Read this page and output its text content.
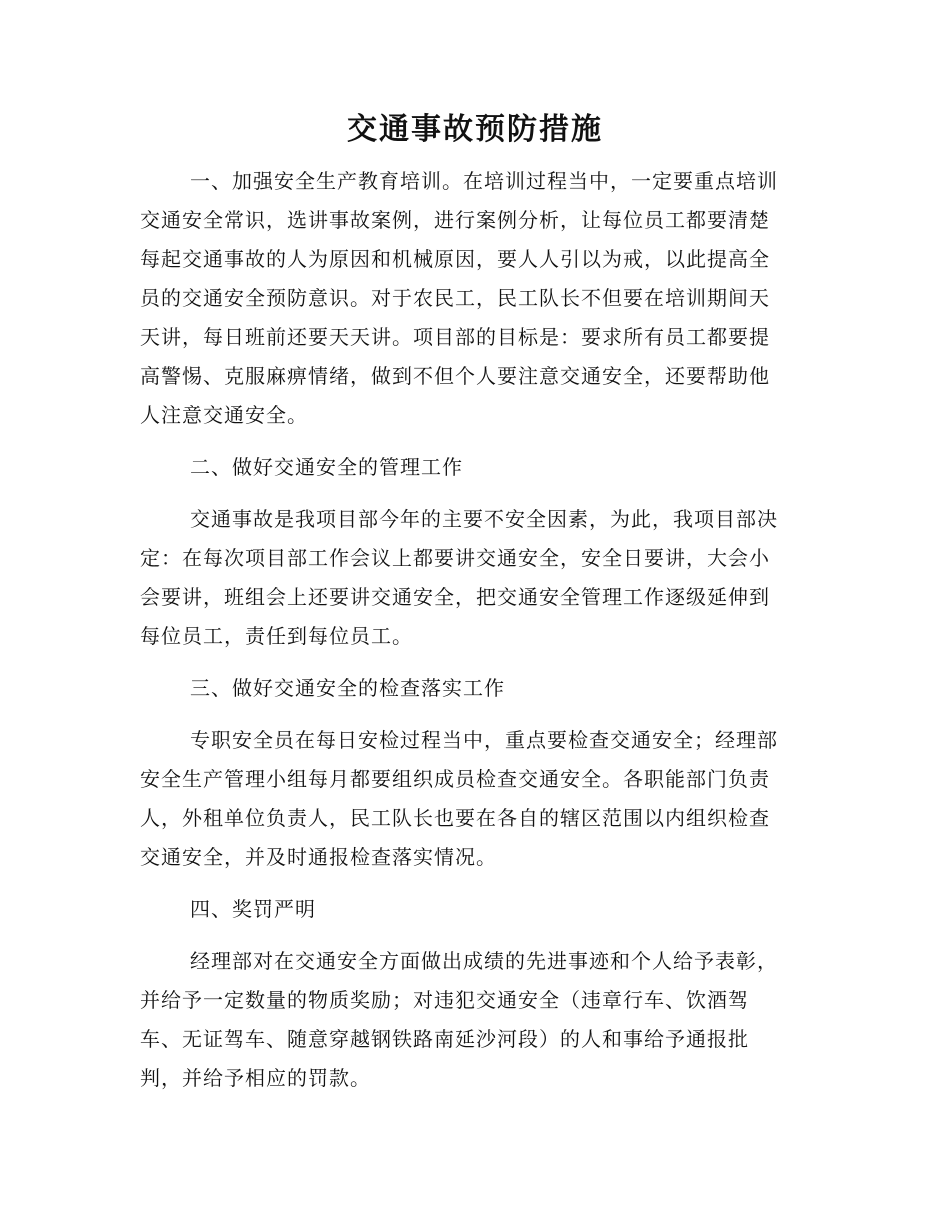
交通事故预防措施
一、加强安全生产教育培训。在培训过程当中，一定要重点培训
交通安全常识，选讲事故案例，进行案例分析，让每位员工都要清楚
每起交通事故的人为原因和机械原因，要人人引以为戒，以此提高全
员的交通安全预防意识。对于农民工，民工队长不但要在培训期间天
天讲，每日班前还要天天讲。项目部的目标是：要求所有员工都要提
高警惕、克服麻痹情绪，做到不但个人要注意交通安全，还要帮助他
人注意交通安全。
二、做好交通安全的管理工作
交通事故是我项目部今年的主要不安全因素，为此，我项目部决
定：在每次项目部工作会议上都要讲交通安全，安全日要讲，大会小
会要讲，班组会上还要讲交通安全，把交通安全管理工作逐级延伸到
每位员工，责任到每位员工。
三、做好交通安全的检查落实工作
专职安全员在每日安检过程当中，重点要检查交通安全；经理部
安全生产管理小组每月都要组织成员检查交通安全。各职能部门负责
人，外租单位负责人，民工队长也要在各自的辖区范围以内组织检查
交通安全，并及时通报检查落实情况。
四、奖罚严明
经理部对在交通安全方面做出成绩的先进事迹和个人给予表彰，
并给予一定数量的物质奖励；对违犯交通安全（违章行车、饮酒驾
车、无证驾车、随意穿越钢铁路南延沙河段）的人和事给予通报批
判，并给予相应的罚款。
